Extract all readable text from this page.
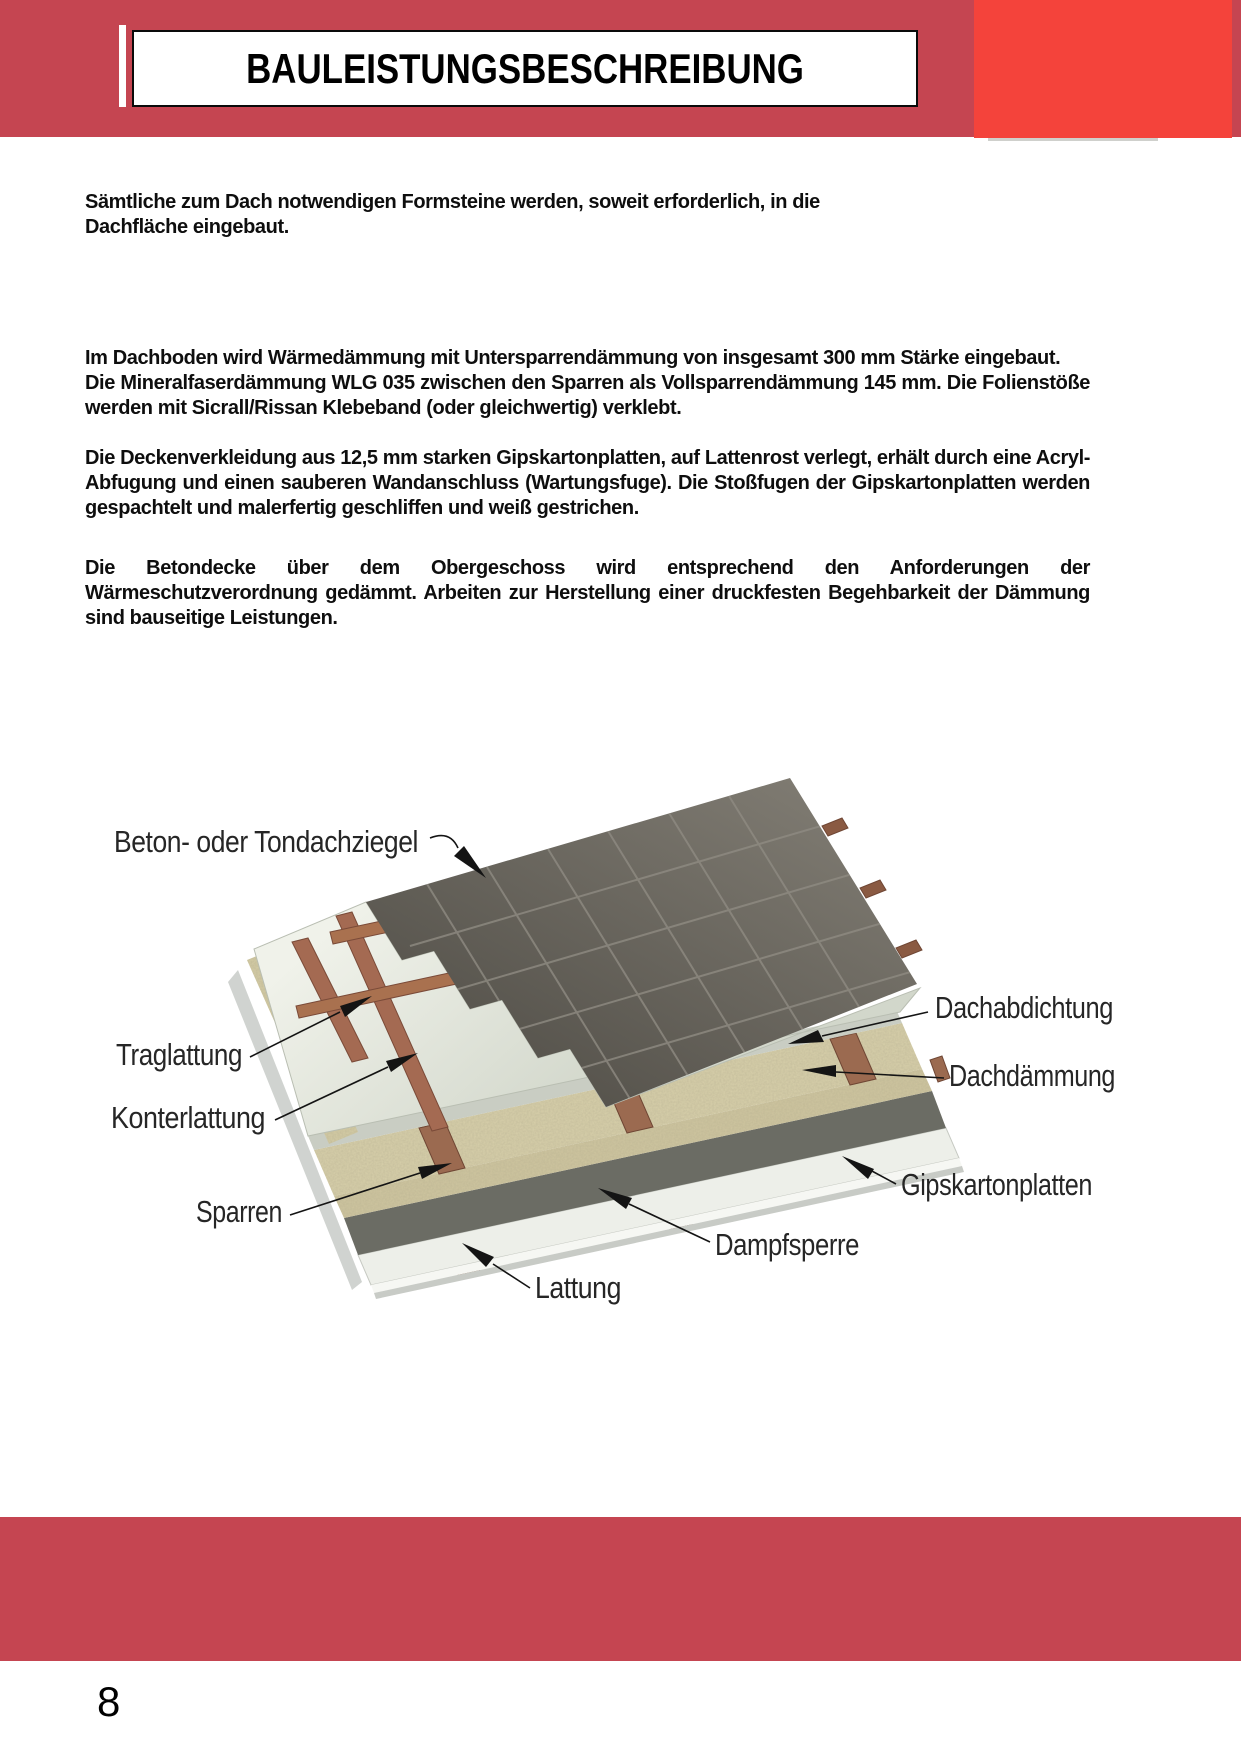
BAULEISTUNGSBESCHREIBUNG

Sämtliche zum Dach notwendigen Formsteine werden, soweit erforderlich, in die Dachfläche eingebaut.

Im Dachboden wird Wärmedämmung mit Untersparrendämmung von insgesamt 300 mm Stärke eingebaut.

Die Mineralfaserdämmung WLG 035 zwischen den Sparren als Vollsparrendämmung 145 mm. Die Folienstöße werden mit Sicrall/Rissan Klebeband (oder gleichwertig) verklebt.

Die Deckenverkleidung aus 12,5 mm starken Gipskartonplatten, auf Lattenrost verlegt, erhält durch eine Acryl-Abfugung und einen sauberen Wandanschluss (Wartungsfuge). Die Stoßfugen der Gipskartonplatten werden gespachtelt und malerfertig geschliffen und weiß gestrichen.

Die Betondecke über dem Obergeschoss wird entsprechend den Anforderungen der Wärmeschutzverordnung gedämmt. Arbeiten zur Herstellung einer druckfesten Begehbarkeit der Dämmung sind bauseitige Leistungen.

Beton- oder Tondachziegel
Traglattung
Konterlattung
Sparren
Lattung
Dachabdichtung
Dachdämmung
Gipskartonplatten
Dampfsperre
8
